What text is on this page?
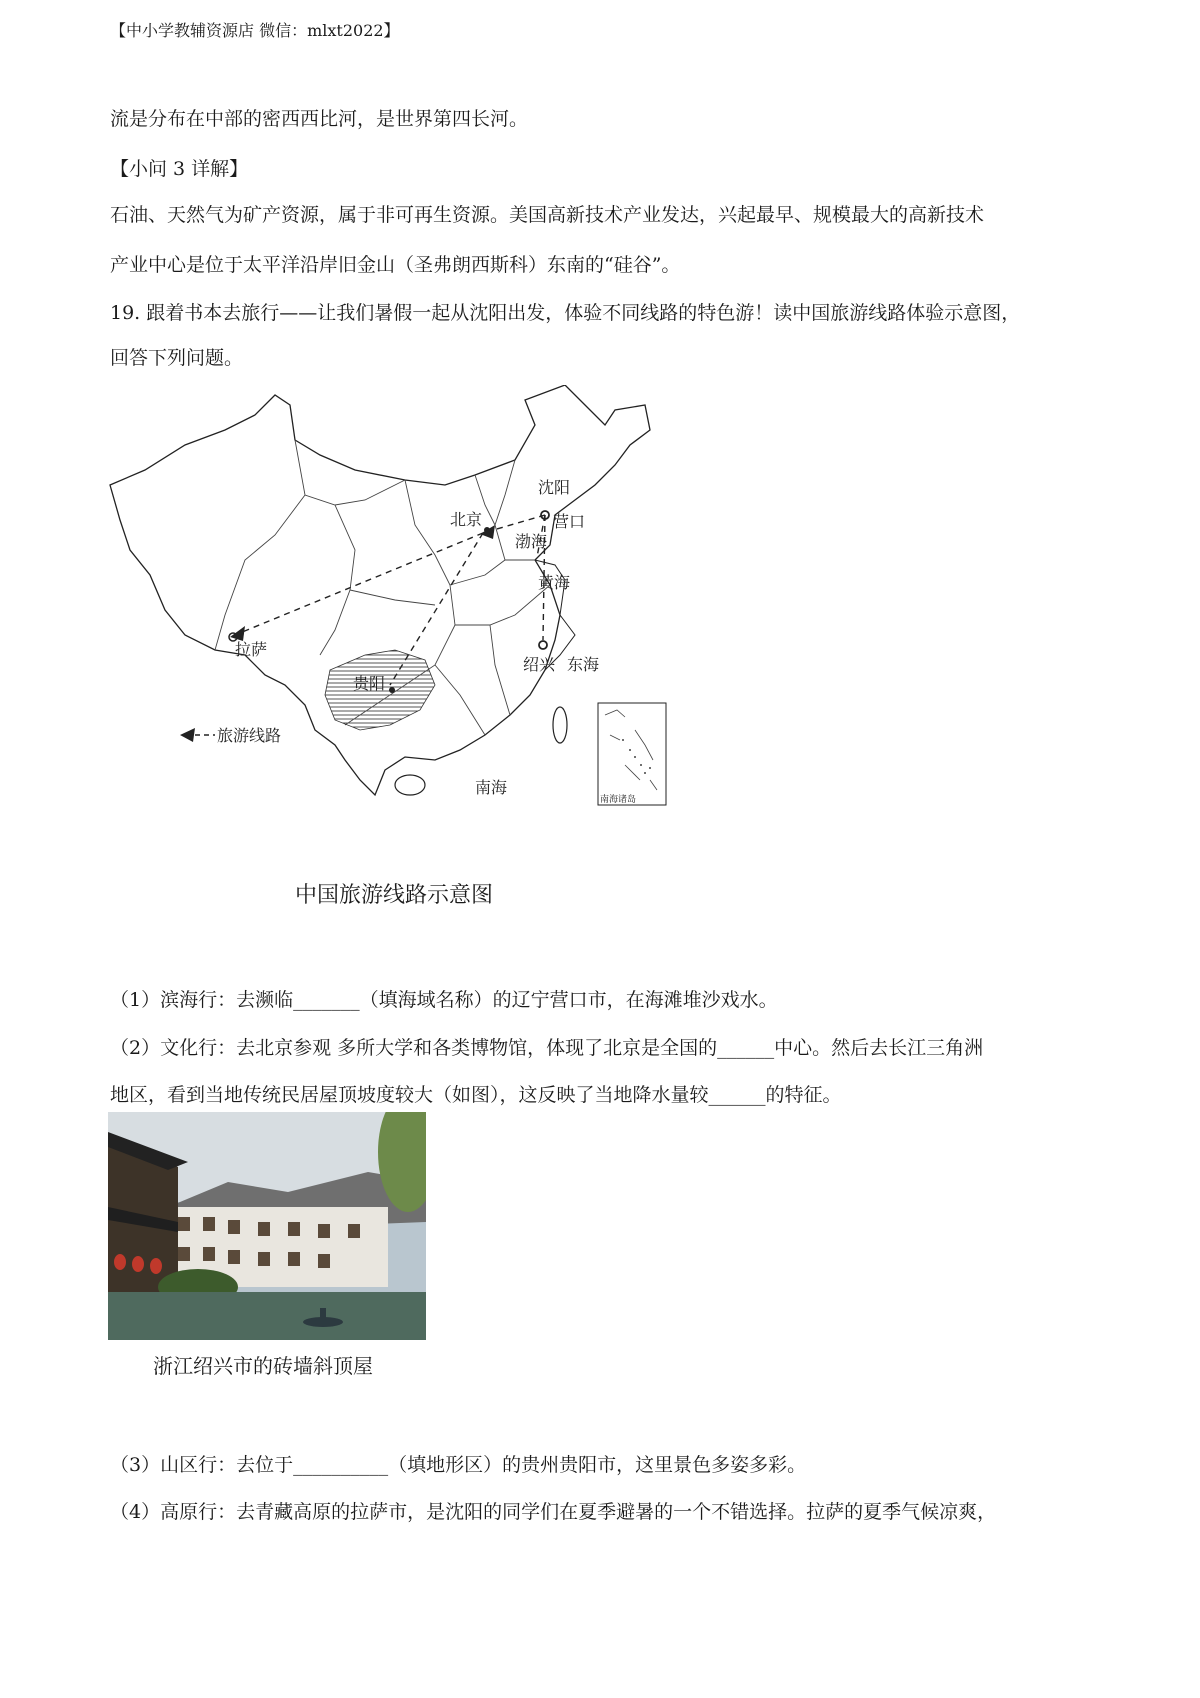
【中小学教辅资源店 微信：mlxt2022】
流是分布在中部的密西西比河，是世界第四长河。
【小问 3 详解】
石油、天然气为矿产资源，属于非可再生资源。美国高新技术产业发达，兴起最早、规模最大的高新技术
产业中心是位于太平洋沿岸旧金山（圣弗朗西斯科）东南的“硅谷”。
19. 跟着书本去旅行——让我们暑假一起从沈阳出发，体验不同线路的特色游！读中国旅游线路体验示意图，
回答下列问题。
沈阳
营口
北京
渤海
黄海
拉萨
绍兴 东海
贵阳
南海
旅游线路
南海诸岛
中国旅游线路示意图
（1）滨海行：去濒临_______（填海域名称）的辽宁营口市，在海滩堆沙戏水。
（2）文化行：去北京参观 多所大学和各类博物馆，体现了北京是全国的______中心。然后去长江三角洲
地区，看到当地传统民居屋顶坡度较大（如图），这反映了当地降水量较______的特征。
浙江绍兴市的砖墙斜顶屋
（3）山区行：去位于__________（填地形区）的贵州贵阳市，这里景色多姿多彩。
（4）高原行：去青藏高原的拉萨市，是沈阳的同学们在夏季避暑的一个不错选择。拉萨的夏季气候凉爽，
